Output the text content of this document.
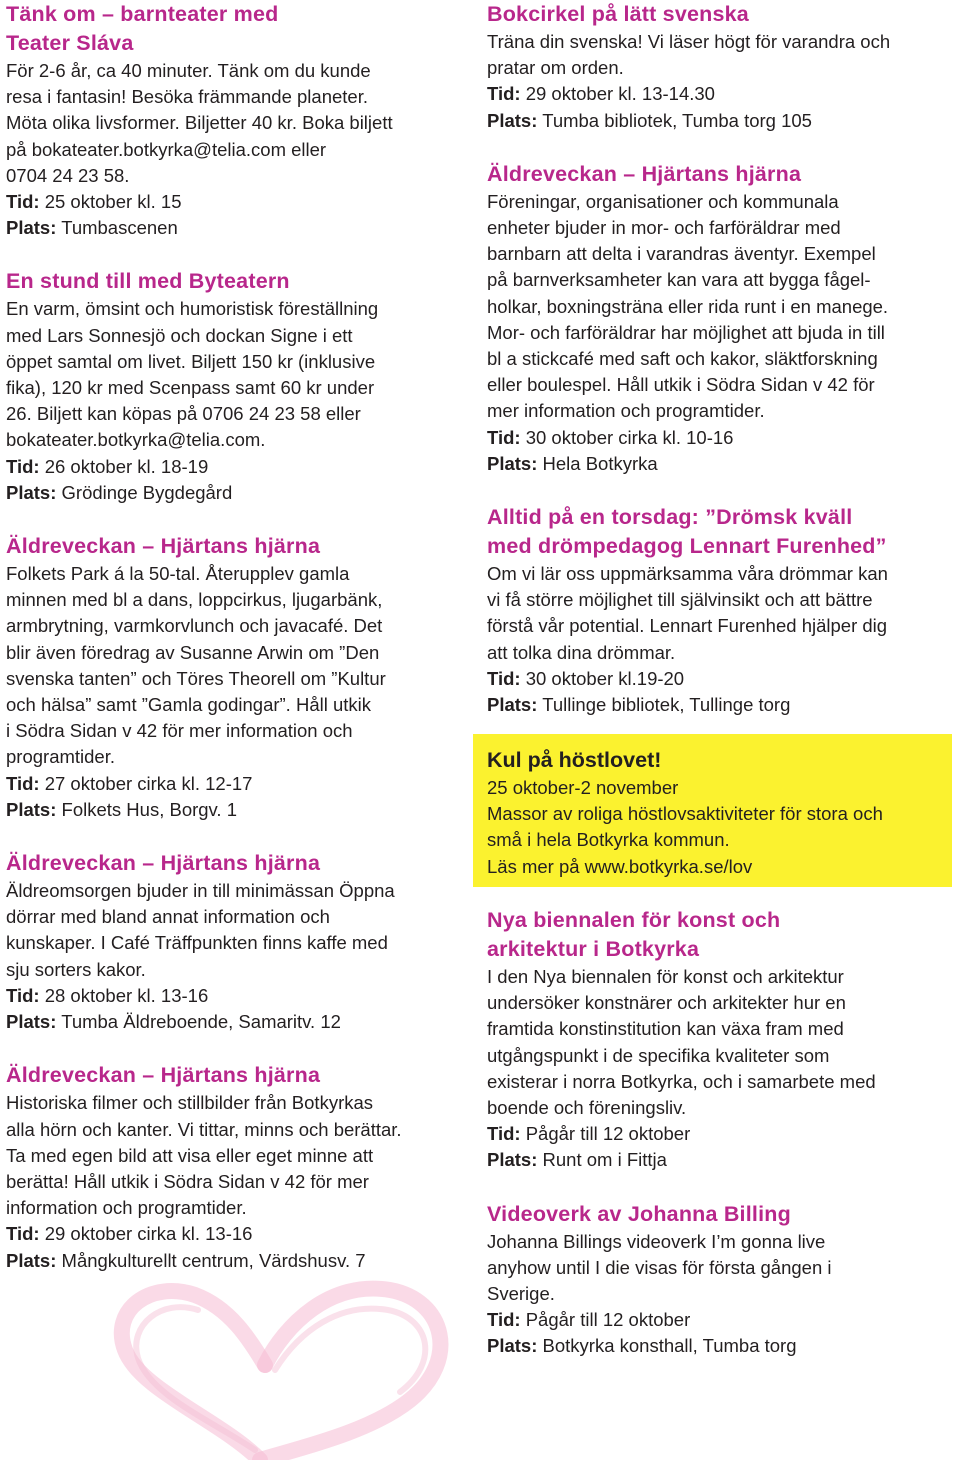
Tänk om – barnteater med
Teater Sláva

För 2-6 år, ca 40 minuter. Tänk om du kunde
resa i fantasin! Besöka främmande planeter.
Möta olika livsformer. Biljetter 40 kr. Boka biljett
på bokateater.botkyrka@telia.com eller
0704 24 23 58.

Tid: 25 oktober kl. 15

Plats: Tumbascenen

En stund till med Byteatern

En varm, ömsint och humoristisk föreställning
med Lars Sonnesjö och dockan Signe i ett
öppet samtal om livet. Biljett 150 kr (inklusive
fika), 120 kr med Scenpass samt 60 kr under
26. Biljett kan köpas på 0706 24 23 58 eller
bokateater.botkyrka@telia.com.

Tid: 26 oktober kl. 18-19

Plats: Grödinge Bygdegård

Äldreveckan – Hjärtans hjärna

Folkets Park á la 50-tal. Återupplev gamla
minnen med bl a dans, loppcirkus, ljugarbänk,
armbrytning, varmkorvlunch och javacafé. Det
blir även föredrag av Susanne Arwin om ”Den
svenska tanten” och Töres Theorell om ”Kultur
och hälsa” samt ”Gamla godingar”. Håll utkik
i Södra Sidan v 42 för mer information och
programtider.

Tid: 27 oktober cirka kl. 12-17

Plats: Folkets Hus, Borgv. 1

Äldreveckan – Hjärtans hjärna

Äldreomsorgen bjuder in till minimässan Öppna
dörrar med bland annat information och
kunskaper. I Café Träffpunkten finns kaffe med
sju sorters kakor.

Tid: 28 oktober kl. 13-16

Plats: Tumba Äldreboende, Samaritv. 12

Äldreveckan – Hjärtans hjärna

Historiska filmer och stillbilder från Botkyrkas
alla hörn och kanter. Vi tittar, minns och berättar.
Ta med egen bild att visa eller eget minne att
berätta! Håll utkik i Södra Sidan v 42 för mer
information och programtider.

Tid: 29 oktober cirka kl. 13-16

Plats: Mångkulturellt centrum, Värdshusv. 7

Bokcirkel på lätt svenska

Träna din svenska! Vi läser högt för varandra och
pratar om orden.

Tid: 29 oktober kl. 13-14.30

Plats: Tumba bibliotek, Tumba torg 105

Äldreveckan – Hjärtans hjärna

Föreningar, organisationer och kommunala
enheter bjuder in mor- och farföräldrar med
barnbarn att delta i varandras äventyr. Exempel
på barnverksamheter kan vara att bygga fågel-
holkar, boxningsträna eller rida runt i en manege.
Mor- och farföräldrar har möjlighet att bjuda in till
bl a stickcafé med saft och kakor, släktforskning
eller boulespel. Håll utkik i Södra Sidan v 42 för
mer information och programtider.

Tid: 30 oktober cirka kl. 10-16

Plats: Hela Botkyrka

Alltid på en torsdag: ”Drömsk kväll
med drömpedagog Lennart Furenhed”

Om vi lär oss uppmärksamma våra drömmar kan
vi få större möjlighet till självinsikt och att bättre
förstå vår potential. Lennart Furenhed hjälper dig
att tolka dina drömmar.

Tid: 30 oktober kl.19-20

Plats: Tullinge bibliotek, Tullinge torg

Kul på höstlovet!

25 oktober-2 november

Massor av roliga höstlovsaktiviteter för stora och
små i hela Botkyrka kommun.

Läs mer på www.botkyrka.se/lov

Nya biennalen för konst och
arkitektur i Botkyrka

I den Nya biennalen för konst och arkitektur
undersöker konstnärer och arkitekter hur en
framtida konstinstitution kan växa fram med
utgångspunkt i de specifika kvaliteter som
existerar i norra Botkyrka, och i samarbete med
boende och föreningsliv.

Tid: Pågår till 12 oktober

Plats: Runt om i Fittja

Videoverk av Johanna Billing

Johanna Billings videoverk I’m gonna live
anyhow until I die visas för första gången i
Sverige.

Tid: Pågår till 12 oktober

Plats: Botkyrka konsthall, Tumba torg
